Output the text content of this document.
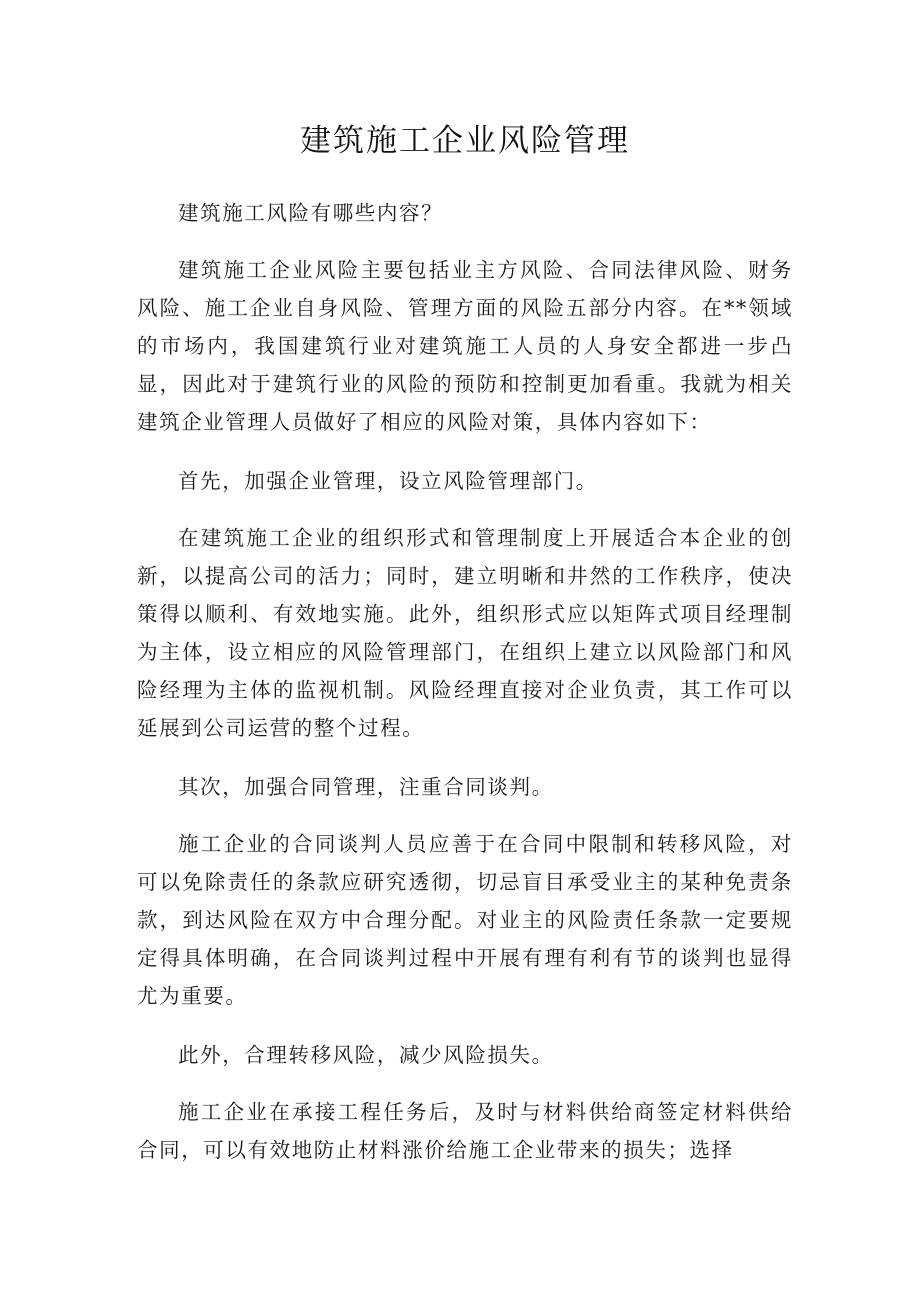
建筑施工企业风险管理

建筑施工风险有哪些内容？

建筑施工企业风险主要包括业主方风险、合同法律风险、财务风险、施工企业自身风险、管理方面的风险五部分内容。在**领域的市场内，我国建筑行业对建筑施工人员的人身安全都进一步凸显，因此对于建筑行业的风险的预防和控制更加看重。我就为相关建筑企业管理人员做好了相应的风险对策，具体内容如下：

首先，加强企业管理，设立风险管理部门。

在建筑施工企业的组织形式和管理制度上开展适合本企业的创新，以提高公司的活力；同时，建立明晰和井然的工作秩序，使决策得以顺利、有效地实施。此外，组织形式应以矩阵式项目经理制为主体，设立相应的风险管理部门，在组织上建立以风险部门和风险经理为主体的监视机制。风险经理直接对企业负责，其工作可以延展到公司运营的整个过程。

其次，加强合同管理，注重合同谈判。

施工企业的合同谈判人员应善于在合同中限制和转移风险，对可以免除责任的条款应研究透彻，切忌盲目承受业主的某种免责条款，到达风险在双方中合理分配。对业主的风险责任条款一定要规定得具体明确，在合同谈判过程中开展有理有利有节的谈判也显得尤为重要。

此外，合理转移风险，减少风险损失。

施工企业在承接工程任务后，及时与材料供给商签定材料供给合同，可以有效地防止材料涨价给施工企业带来的损失；选择
